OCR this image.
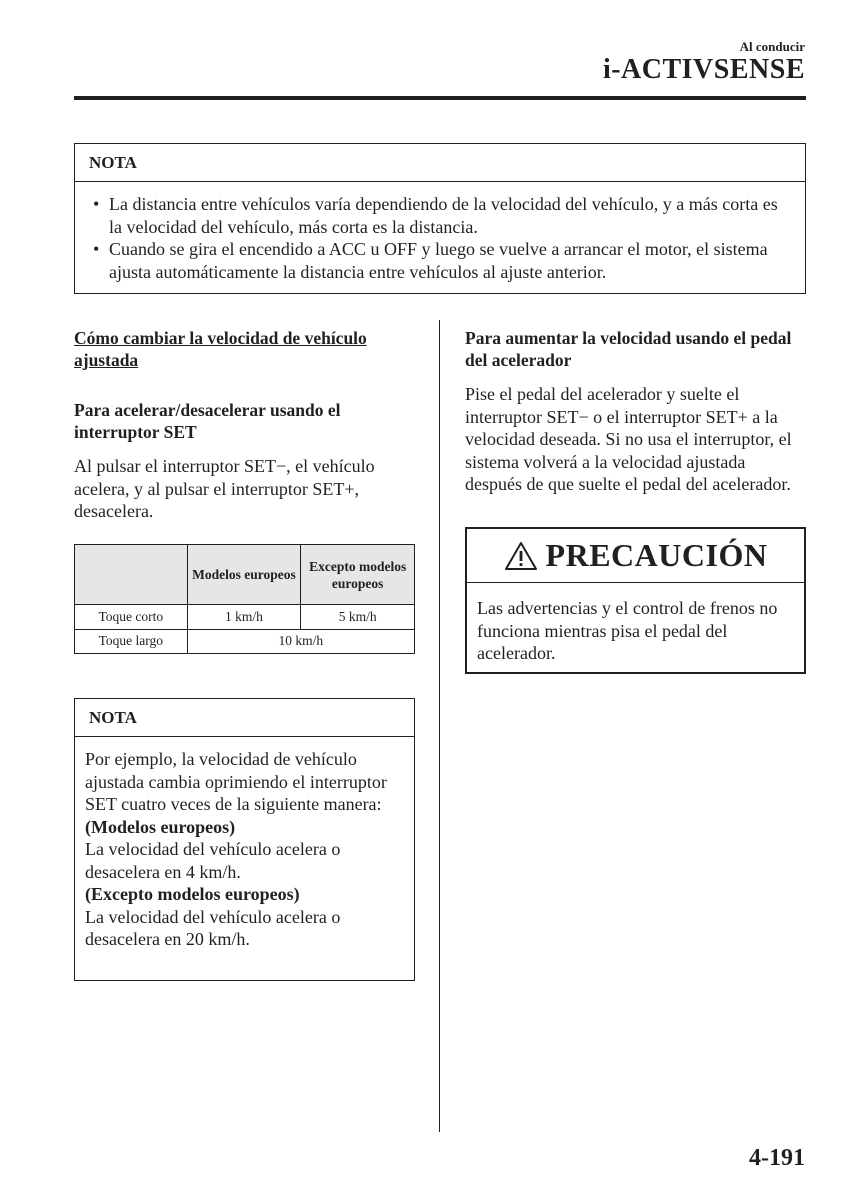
Al conducir
i-ACTIVSENSE
NOTA
• La distancia entre vehículos varía dependiendo de la velocidad del vehículo, y a más corta es la velocidad del vehículo, más corta es la distancia.
• Cuando se gira el encendido a ACC u OFF y luego se vuelve a arrancar el motor, el sistema ajusta automáticamente la distancia entre vehículos al ajuste anterior.
Cómo cambiar la velocidad de vehículo ajustada
Para acelerar/desacelerar usando el interruptor SET
Al pulsar el interruptor SET−, el vehículo acelera, y al pulsar el interruptor SET+, desacelera.
	Modelos europeos	Excepto modelos europeos
Toque corto	1 km/h	5 km/h
Toque largo	10 km/h	
NOTA
Por ejemplo, la velocidad de vehículo ajustada cambia oprimiendo el interruptor SET cuatro veces de la siguiente manera:
(Modelos europeos)
La velocidad del vehículo acelera o desacelera en 4 km/h.
(Excepto modelos europeos)
La velocidad del vehículo acelera o desacelera en 20 km/h.
Para aumentar la velocidad usando el pedal del acelerador
Pise el pedal del acelerador y suelte el interruptor SET− o el interruptor SET+ a la velocidad deseada. Si no usa el interruptor, el sistema volverá a la velocidad ajustada después de que suelte el pedal del acelerador.
PRECAUCIÓN
Las advertencias y el control de frenos no funciona mientras pisa el pedal del acelerador.
4-191
